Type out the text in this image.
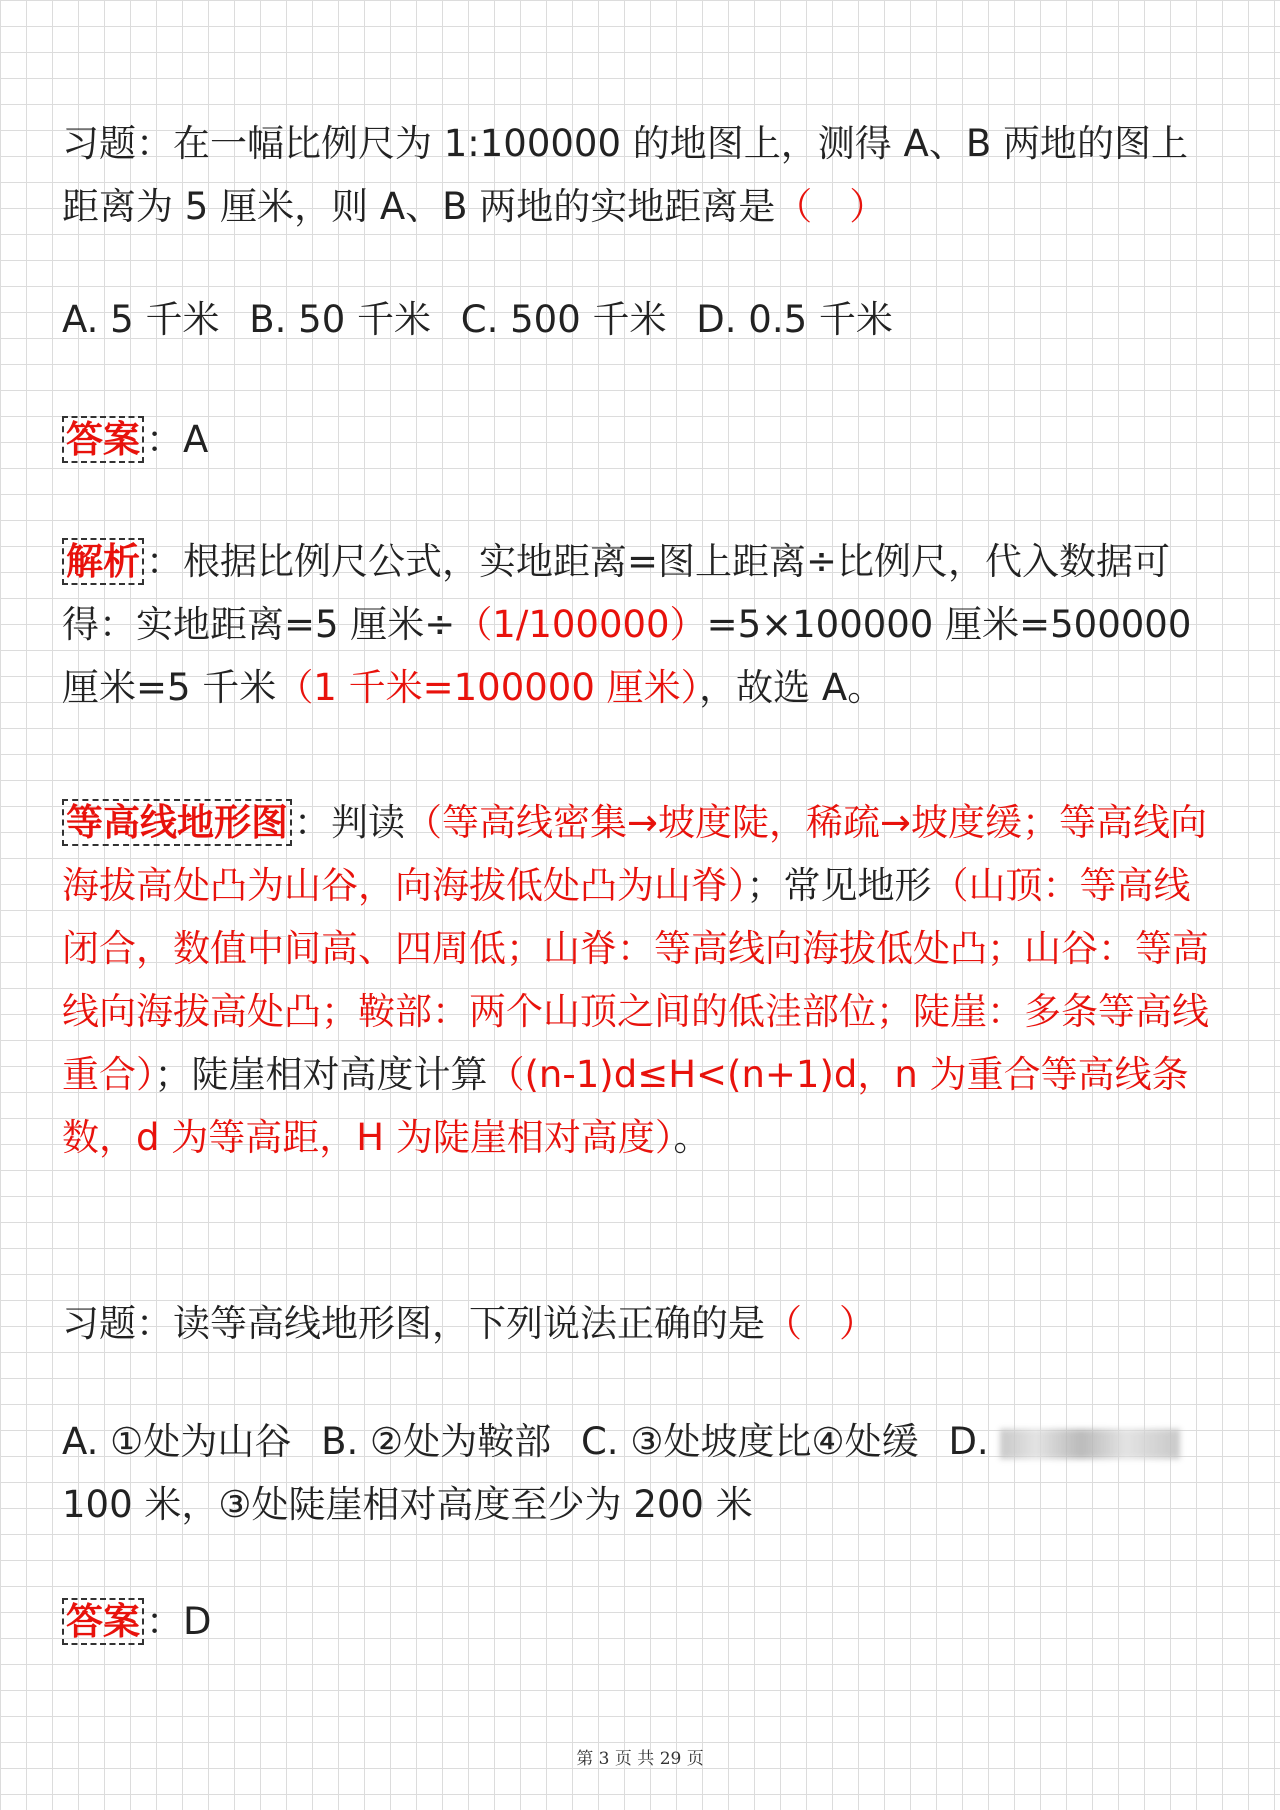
习题：在一幅比例尺为 1:100000 的地图上，测得 A、B 两地的图上距离为 5 厘米，则 A、B 两地的实地距离是（　）
A. 5 千米 B. 50 千米 C. 500 千米 D. 0.5 千米
答案 ：A
解析 ：根据比例尺公式，实地距离=图上距离÷比例尺，代入数据可得：实地距离=5 厘米÷（1/100000）=5×100000 厘米=500000 厘米=5 千米（1 千米=100000 厘米），故选 A。
等高线地形图 ：判读（等高线密集→坡度陡，稀疏→坡度缓；等高线向海拔高处凸为山谷，向海拔低处凸为山脊）；常见地形（山顶：等高线闭合，数值中间高、四周低；山脊：等高线向海拔低处凸；山谷：等高线向海拔高处凸；鞍部：两个山顶之间的低洼部位；陡崖：多条等高线重合）；陡崖相对高度计算（(n-1)d≤H<(n+1)d，n 为重合等高线条数，d 为等高距，H 为陡崖相对高度）。
习题：读等高线地形图，下列说法正确的是（　）
A. ①处为山谷 B. ②处为鞍部 C. ③处坡度比④处缓 D.
100 米，③处陡崖相对高度至少为 200 米
答案 ：D
第 3 页 共 29 页
